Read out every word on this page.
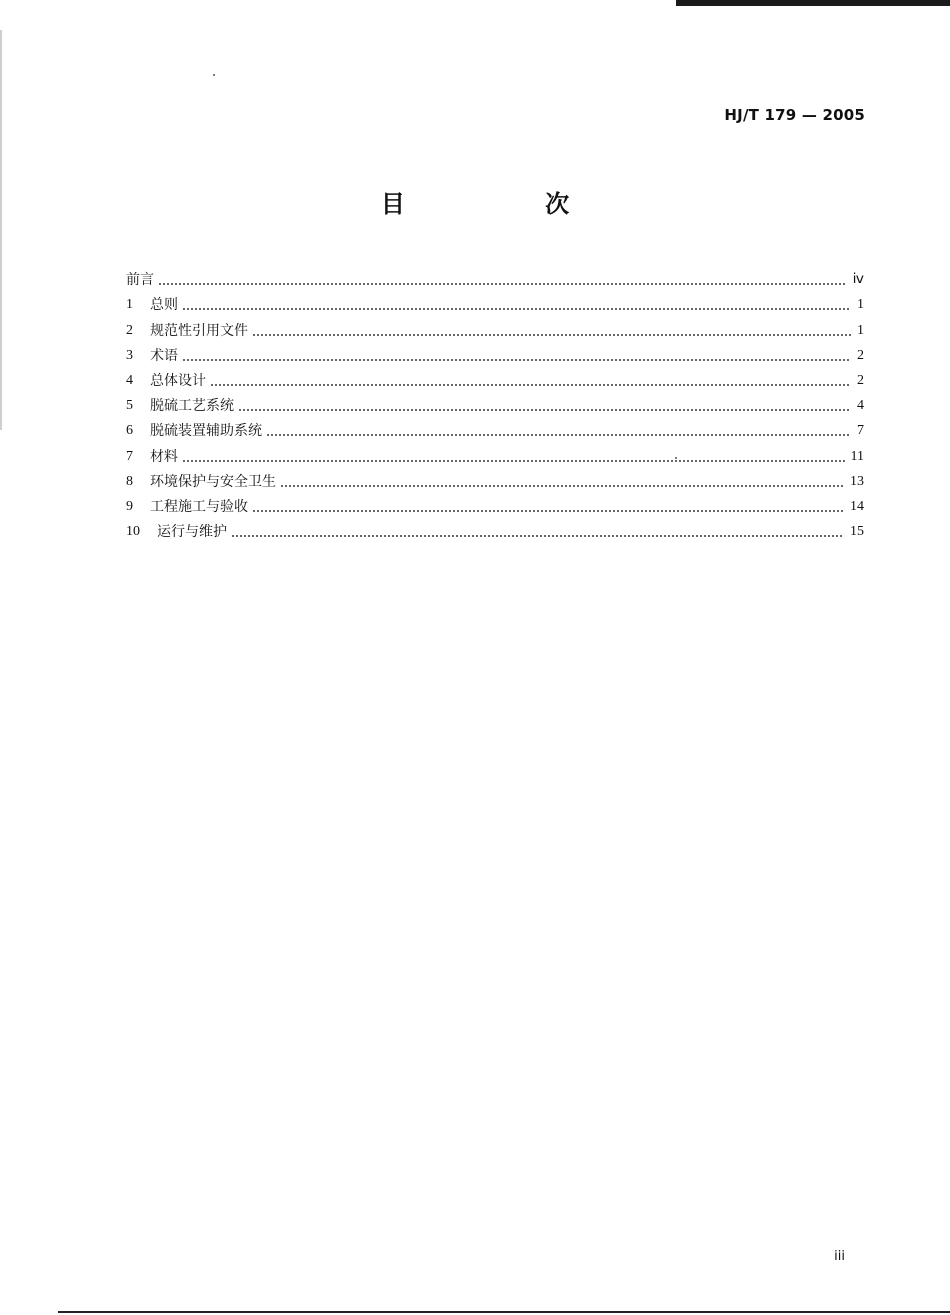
HJ/T 179 — 2005
目 次
前言	ⅳ
1	总则	1
2	规范性引用文件	1
3	术语	2
4	总体设计	2
5	脱硫工艺系统	4
6	脱硫装置辅助系统	7
7	材料	11
8	环境保护与安全卫生	13
9	工程施工与验收	14
10	运行与维护	15
iii
